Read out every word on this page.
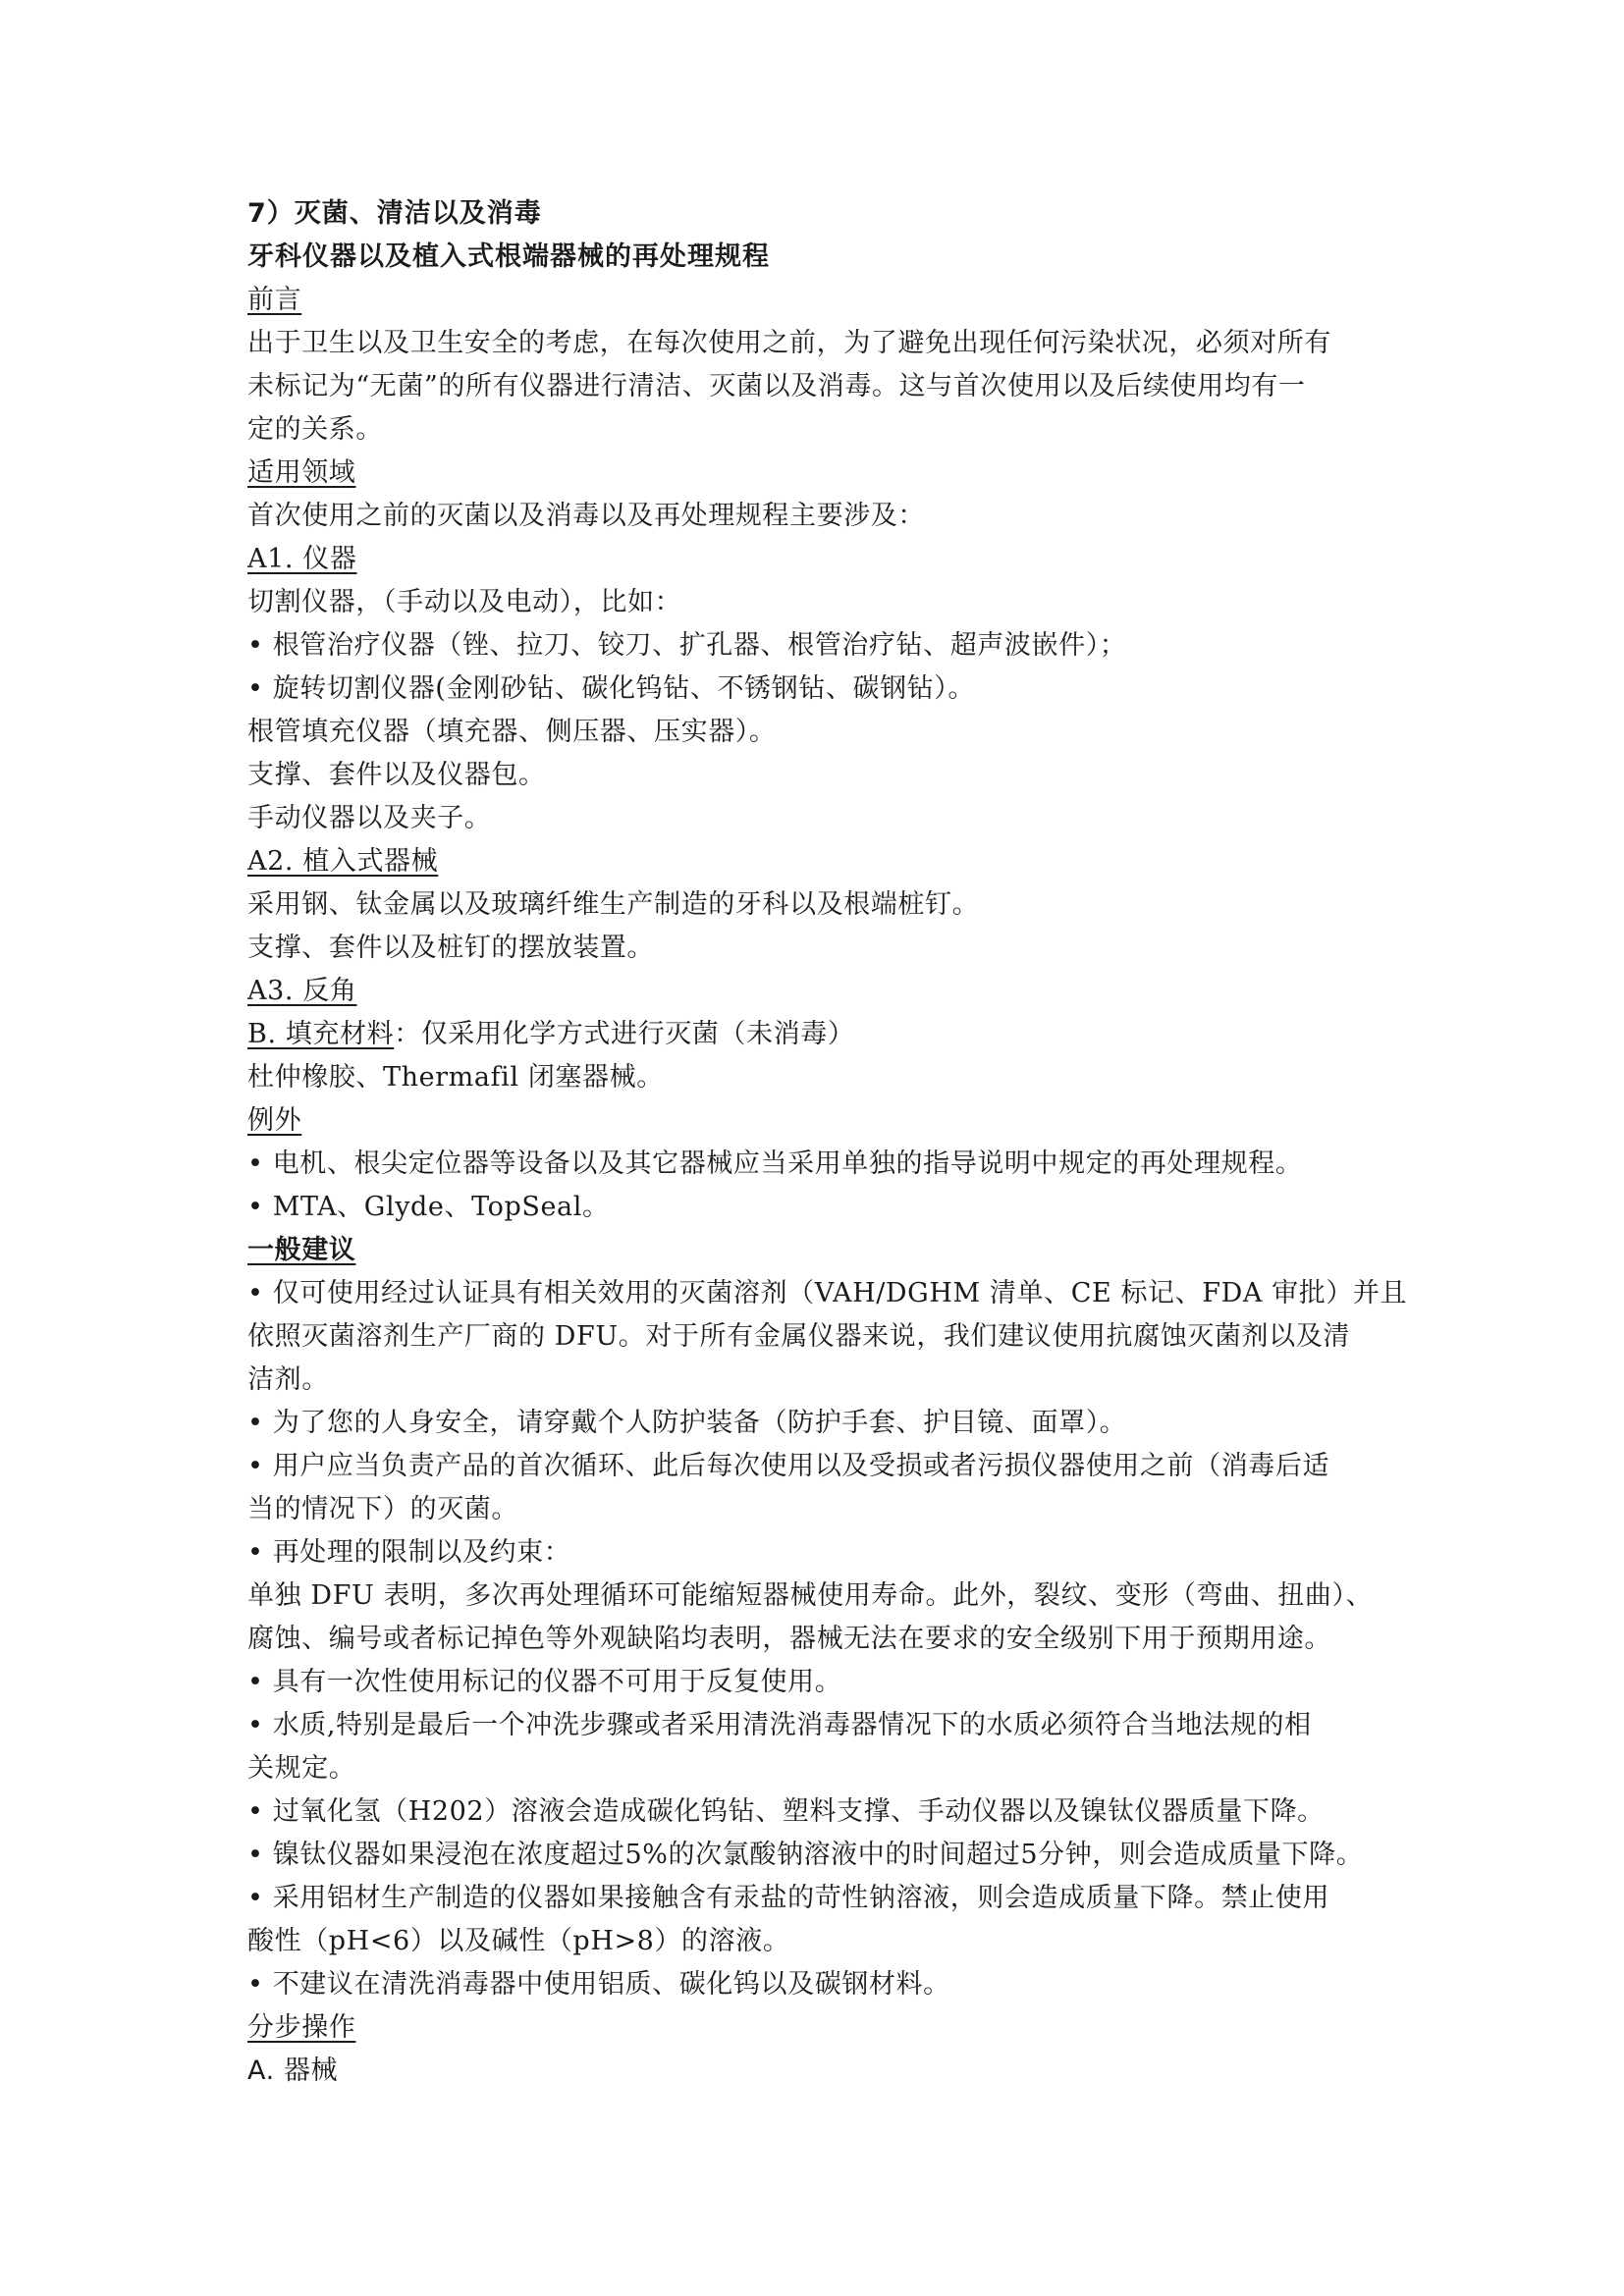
7）灭菌、清洁以及消毒
牙科仪器以及植入式根端器械的再处理规程
前言
出于卫生以及卫生安全的考虑，在每次使用之前，为了避免出现任何污染状况，必须对所有
未标记为“无菌”的所有仪器进行清洁、灭菌以及消毒。这与首次使用以及后续使用均有一
定的关系。
适用领域
首次使用之前的灭菌以及消毒以及再处理规程主要涉及：
A1. 仪器
切割仪器，（手动以及电动），比如：
• 根管治疗仪器（锉、拉刀、铰刀、扩孔器、根管治疗钻、超声波嵌件）；
• 旋转切割仪器(金刚砂钻、碳化钨钻、不锈钢钻、碳钢钻）。
根管填充仪器（填充器、侧压器、压实器）。
支撑、套件以及仪器包。
手动仪器以及夹子。
A2. 植入式器械
采用钢、钛金属以及玻璃纤维生产制造的牙科以及根端桩钉。
支撑、套件以及桩钉的摆放装置。
A3. 反角
B. 填充材料：仅采用化学方式进行灭菌（未消毒）
杜仲橡胶、Thermafil 闭塞器械。
例外
• 电机、根尖定位器等设备以及其它器械应当采用单独的指导说明中规定的再处理规程。
• MTA、Glyde、TopSeal。
一般建议
• 仅可使用经过认证具有相关效用的灭菌溶剂（VAH/DGHM 清单、CE 标记、FDA 审批）并且
依照灭菌溶剂生产厂商的 DFU。对于所有金属仪器来说，我们建议使用抗腐蚀灭菌剂以及清
洁剂。
• 为了您的人身安全，请穿戴个人防护装备（防护手套、护目镜、面罩）。
• 用户应当负责产品的首次循环、此后每次使用以及受损或者污损仪器使用之前（消毒后适
当的情况下）的灭菌。
• 再处理的限制以及约束：
单独 DFU 表明，多次再处理循环可能缩短器械使用寿命。此外，裂纹、变形（弯曲、扭曲）、
腐蚀、编号或者标记掉色等外观缺陷均表明，器械无法在要求的安全级别下用于预期用途。
• 具有一次性使用标记的仪器不可用于反复使用。
• 水质,特别是最后一个冲洗步骤或者采用清洗消毒器情况下的水质必须符合当地法规的相
关规定。
• 过氧化氢（H202）溶液会造成碳化钨钻、塑料支撑、手动仪器以及镍钛仪器质量下降。
• 镍钛仪器如果浸泡在浓度超过5%的次氯酸钠溶液中的时间超过5分钟，则会造成质量下降。
• 采用铝材生产制造的仪器如果接触含有汞盐的苛性钠溶液，则会造成质量下降。禁止使用
酸性（pH<6）以及碱性（pH>8）的溶液。
• 不建议在清洗消毒器中使用铝质、碳化钨以及碳钢材料。
分步操作
A. 器械
